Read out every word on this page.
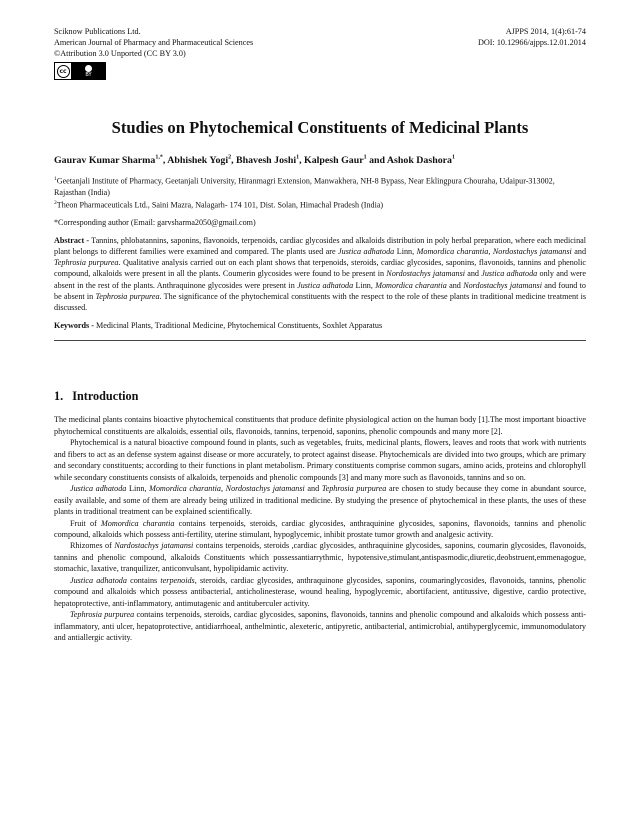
Sciknow Publications Ltd.
American Journal of Pharmacy and Pharmaceutical Sciences
©Attribution 3.0 Unported (CC BY 3.0)
cc	BY
AJPPS 2014, 1(4):61-74
DOI: 10.12966/ajpps.12.01.2014
Studies on Phytochemical Constituents of Medicinal Plants
Gaurav Kumar Sharma$^{1,*}$, Abhishek Yogi$^2$, Bhavesh Joshi$^1$, Kalpesh Gaur$^1$ and Ashok Dashora$^1$
$^1$Geetanjali Institute of Pharmacy, Geetanjali University, Hiranmagri Extension, Manwakhera, NH-8 Bypass, Near Eklingpura Chouraha, Udaipur-313002, Rajasthan (India)
$^2$Theon Pharmaceuticals Ltd., Saini Mazra, Nalagarh- 174 101, Dist. Solan, Himachal Pradesh (India)
*Corresponding author (Email: garvsharma2050@gmail.com)
Abstract - Tannins, phlobatannins, saponins, flavonoids, terpenoids, cardiac glycosides and alkaloids distribution in poly herbal preparation, where each medicinal plant belongs to different families were examined and compared. The plants used are Justica adhatoda Linn, Momordica charantia, Nordostachys jatamansi and Tephrosia purpurea. Qualitative analysis carried out on each plant shows that terpenoids, steroids, cardiac glycosides, saponins, flavonoids, tannins and phenolic compound, alkaloids were present in all the plants. Coumerin glycosides were found to be present in Nordostachys jatamansi and Justica adhatoda only and were absent in the rest of the plants. Anthraquinone glycosides were present in Justica adhatoda Linn, Momordica charantia and Nordostachys jatamansi and found to be absent in Tephrosia purpurea. The significance of the phytochemical constituents with the respect to the role of these plants in traditional medicine treatment is discussed.
Keywords - Medicinal Plants, Traditional Medicine, Phytochemical Constituents, Soxhlet Apparatus
1. Introduction

The medicinal plants contains bioactive phytochemical constituents that produce definite physiological action on the human body [1].The most important bioactive phytochemical constituents are alkaloids, essential oils, flavonoids, tannins, terpenoid, saponins, phenolic compounds and many more [2].

Phytochemical is a natural bioactive compound found in plants, such as vegetables, fruits, medicinal plants, flowers, leaves and roots that work with nutrients and fibers to act as an defense system against disease or more accurately, to protect against disease. Phytochemicals are divided into two groups, which are primary and secondary constituents; according to their functions in plant metabolism. Primary constituents comprise common sugars, amino acids, proteins and chlorophyll while secondary constituents consists of alkaloids, terpenoids and phenolic compounds [3] and many more such as flavonoids, tannins and so on.

Justica adhatoda Linn, Momordica charantia, Nordostachys jatamansi and Tephrosia purpurea are chosen to study because they come in abundant source, easily available, and some of them are already being utilized in traditional medicine. By studying the presence of phytochemical in these plants, the uses of these plants in traditional treatment can be explained scientifically.

Fruit of Momordica charantia contains terpenoids, steroids, cardiac glycosides, anthraquinine glycosides, saponins, flavonoids, tannins and phenolic compound, alkaloids which possess anti-fertility, uterine stimulant, hypoglycemic, inhibit prostate tumor growth and analgesic activity.

Rhizomes of Nardostachys jatamansi contains terpenoids, steroids ,cardiac glycosides, anthraquinine glycosides, saponins, coumarin glycosides, flavonoids, tannins and phenolic compound, alkaloids Constituents which possessantiarrythmic, hypotensive,stimulant,antispasmodic,diuretic,deobstruent,emmenagogue, stomachic, laxative, tranquilizer, anticonvulsant, hypolipidamic activity.

Justica adhatoda contains terpenoids, steroids, cardiac glycosides, anthraquinone glycosides, saponins, coumaringlycosides, flavonoids, tannins, phenolic compound and alkaloids which possess antibacterial, anticholinesterase, wound healing, hypoglycemic, abortifacient, antitussive, digestive, cardio protective, hepatoprotective, anti-inflammatory, antimutagenic and antituberculer activity.

Tephrosia purpurea contains terpenoids, steroids, cardiac glycosides, saponins, flavonoids, tannins and phenolic compound and alkaloids which possess anti-inflammatory, anti ulcer, hepatoprotective, antidiarrhoeal, anthelmintic, alexeteric, antipyretic, antibacterial, antimicrobial, antihyperglycemic, immunomodulatory and antiallergic activity.
